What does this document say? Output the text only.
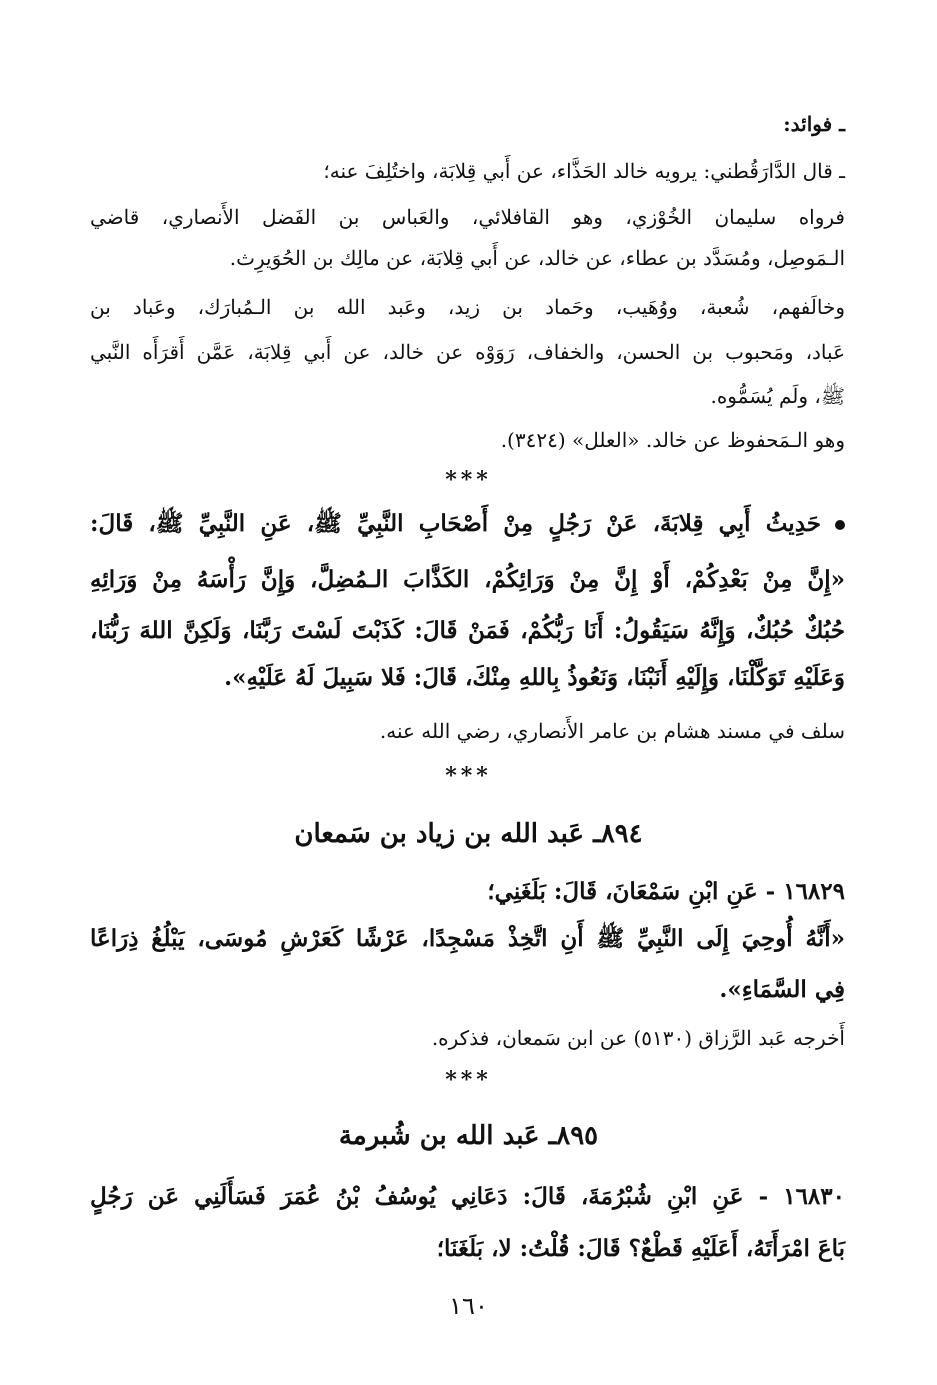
ـ فوائد:
ـ قال الدَّارَقُطني: يرويه خالد الحَذَّاء، عن أَبي قِلابَة، واختُلِفَ عنه؛
فرواه سليمان الخُوْزي، وهو القافلائي، والعَباس بن الفَضل الأَنصاري، قاضي
الـمَوصِل، ومُسَدَّد بن عطاء، عن خالد، عن أَبي قِلابَة، عن مالِك بن الحُوَيرِث.
وخالَفهم، شُعبة، ووُهَيب، وحَماد بن زيد، وعَبد الله بن الـمُبارَك، وعَباد بن
عَباد، ومَحبوب بن الحسن، والخفاف، رَوَوْه عن خالد، عن أَبي قِلابَة، عَمَّن أَقرَأَه النَّبي
ﷺ، ولَم يُسَمُّوه.
وهو الـمَحفوظ عن خالد. «العلل» (٣٤٢٤).
***
حَدِيثُ أَبِي قِلابَةَ، عَنْ رَجُلٍ مِنْ أَصْحَابِ النَّبِيِّ ﷺ، عَنِ النَّبِيِّ ﷺ، قَالَ:
«إِنَّ مِنْ بَعْدِكُمْ، أَوْ إِنَّ مِنْ وَرَائِكُمْ، الكَذَّابَ الـمُضِلَّ، وَإِنَّ رَأْسَهُ مِنْ وَرَائِهِ
حُبُكٌ حُبُكٌ، وَإِنَّهُ سَيَقُولُ: أَنَا رَبُّكُمْ، فَمَنْ قَالَ: كَذَبْتَ لَسْتَ رَبَّنَا، وَلَكِنَّ اللهَ رَبُّنَا،
وَعَلَيْهِ تَوَكَّلْنَا، وَإِلَيْهِ أَنَبْنَا، وَنَعُوذُ بِاللهِ مِنْكَ، قَالَ: فَلا سَبِيلَ لَهُ عَلَيْهِ».
سلف في مسند هشام بن عامر الأَنصاري، رضي الله عنه.
***
٨٩٤ـ عَبد الله بن زياد بن سَمعان
١٦٨٢٩ - عَنِ ابْنِ سَمْعَانَ، قَالَ: بَلَغَنِي؛
«أَنَّهُ أُوحِيَ إِلَى النَّبِيِّ ﷺ أَنِ اتَّخِذْ مَسْجِدًا، عَرْشًا كَعَرْشِ مُوسَى، يَبْلُغُ ذِرَاعًا
فِي السَّمَاءِ».
أَخرجه عَبد الرَّزاق (٥١٣٠) عن ابن سَمعان، فذكره.
***
٨٩٥ـ عَبد الله بن شُبرمة
١٦٨٣٠ - عَنِ ابْنِ شُبْرُمَةَ، قَالَ: دَعَانِي يُوسُفُ بْنُ عُمَرَ فَسَأَلَنِي عَن رَجُلٍ
بَاعَ امْرَأَتَهُ، أَعَلَيْهِ قَطْعٌ؟ قَالَ: قُلْتُ: لا، بَلَغَنَا؛
١٦٠
